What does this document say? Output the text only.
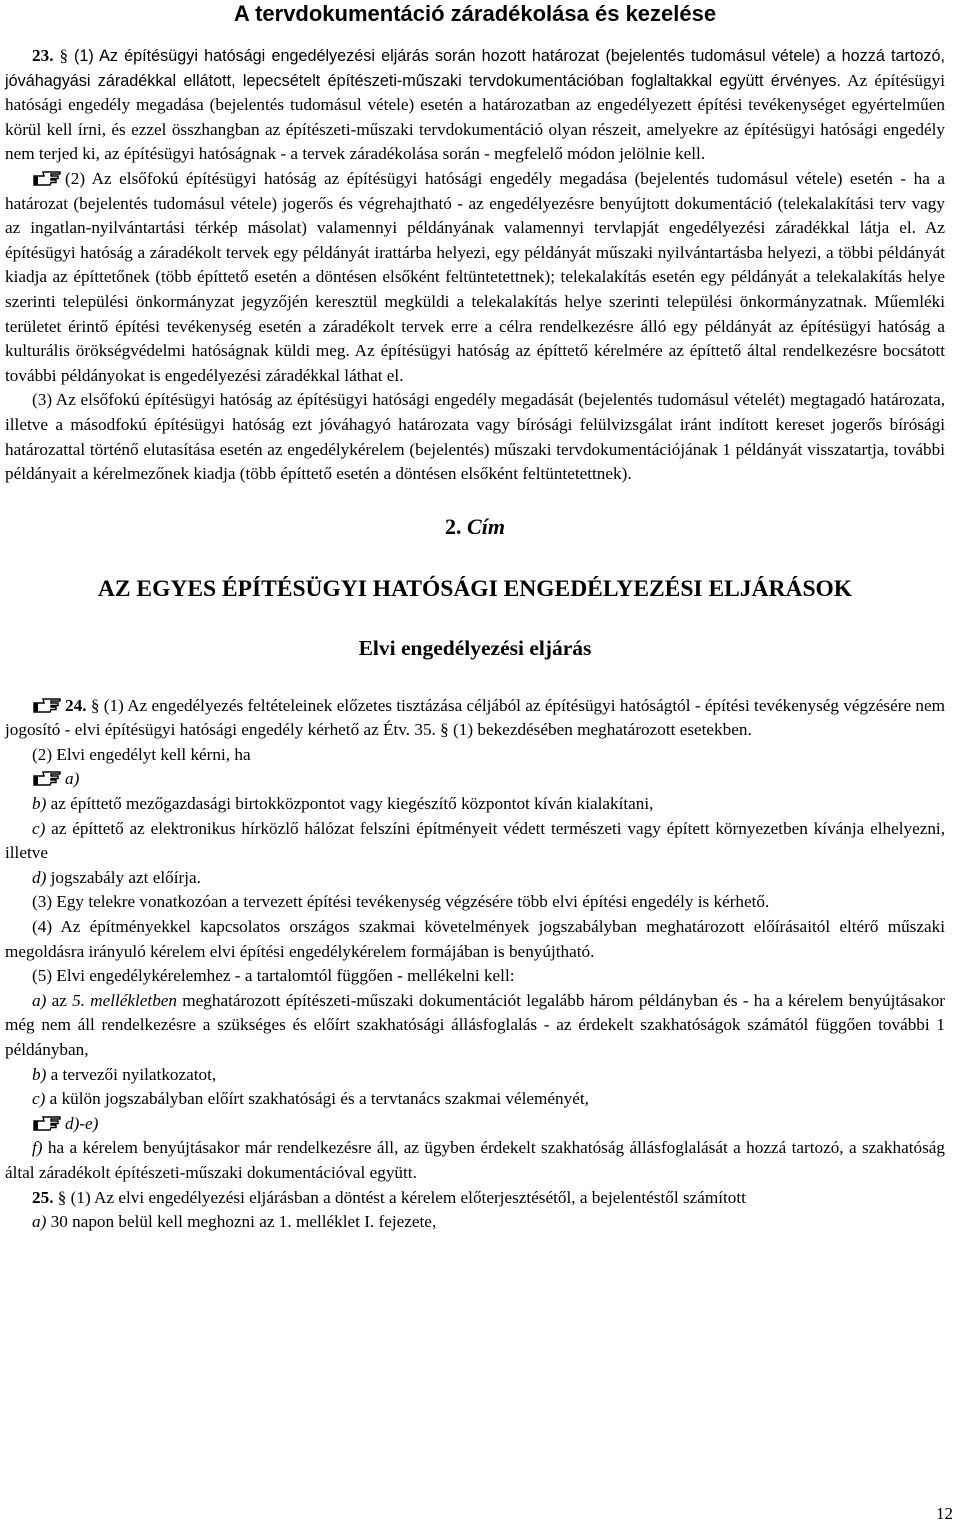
A tervdokumentáció záradékolása és kezelése

23. § (1) Az építésügyi hatósági engedélyezési eljárás során hozott határozat (bejelentés tudomásul vétele) a hozzá tartozó, jóváhagyási záradékkal ellátott, lepecsételt építészeti-műszaki tervdokumentációban foglaltakkal együtt érvényes. Az építésügyi hatósági engedély megadása (bejelentés tudomásul vétele) esetén a határozatban az engedélyezett építési tevékenységet egyértelműen körül kell írni, és ezzel összhangban az építészeti-műszaki tervdokumentáció olyan részeit, amelyekre az építésügyi hatósági engedély nem terjed ki, az építésügyi hatóságnak - a tervek záradékolása során - megfelelő módon jelölnie kell.

(2) Az elsőfokú építésügyi hatóság az építésügyi hatósági engedély megadása (bejelentés tudomásul vétele) esetén - ha a határozat (bejelentés tudomásul vétele) jogerős és végrehajtható - az engedélyezésre benyújtott dokumentáció (telekalakítási terv vagy az ingatlan-nyilvántartási térkép másolat) valamennyi példányának valamennyi tervlapját engedélyezési záradékkal látja el. Az építésügyi hatóság a záradékolt tervek egy példányát irattárba helyezi, egy példányát műszaki nyilvántartásba helyezi, a többi példányát kiadja az építtetőnek (több építtető esetén a döntésen elsőként feltüntetettnek); telekalakítás esetén egy példányát a telekalakítás helye szerinti települési önkormányzat jegyzőjén keresztül megküldi a telekalakítás helye szerinti települési önkormányzatnak. Műemléki területet érintő építési tevékenység esetén a záradékolt tervek erre a célra rendelkezésre álló egy példányát az építésügyi hatóság a kulturális örökségvédelmi hatóságnak küldi meg. Az építésügyi hatóság az építtető kérelmére az építtető által rendelkezésre bocsátott további példányokat is engedélyezési záradékkal láthat el.

(3) Az elsőfokú építésügyi hatóság az építésügyi hatósági engedély megadását (bejelentés tudomásul vételét) megtagadó határozata, illetve a másodfokú építésügyi hatóság ezt jóváhagyó határozata vagy bírósági felülvizsgálat iránt indított kereset jogerős bírósági határozattal történő elutasítása esetén az engedélykérelem (bejelentés) műszaki tervdokumentációjának 1 példányát visszatartja, további példányait a kérelmezőnek kiadja (több építtető esetén a döntésen elsőként feltüntetettnek).

2. Cím

AZ EGYES ÉPÍTÉSÜGYI HATÓSÁGI ENGEDÉLYEZÉSI ELJÁRÁSOK

Elvi engedélyezési eljárás

24. § (1) Az engedélyezés feltételeinek előzetes tisztázása céljából az építésügyi hatóságtól - építési tevékenység végzésére nem jogosító - elvi építésügyi hatósági engedély kérhető az Étv. 35. § (1) bekezdésében meghatározott esetekben.

(2) Elvi engedélyt kell kérni, ha

a)

b) az építtető mezőgazdasági birtokközpontot vagy kiegészítő központot kíván kialakítani,

c) az építtető az elektronikus hírközlő hálózat felszíni építményeit védett természeti vagy épített környezetben kívánja elhelyezni, illetve

d) jogszabály azt előírja.

(3) Egy telekre vonatkozóan a tervezett építési tevékenység végzésére több elvi építési engedély is kérhető.

(4) Az építményekkel kapcsolatos országos szakmai követelmények jogszabályban meghatározott előírásaitól eltérő műszaki megoldásra irányuló kérelem elvi építési engedélykérelem formájában is benyújtható.

(5) Elvi engedélykérelemhez - a tartalomtól függően - mellékelni kell:

a) az 5. mellékletben meghatározott építészeti-műszaki dokumentációt legalább három példányban és - ha a kérelem benyújtásakor még nem áll rendelkezésre a szükséges és előírt szakhatósági állásfoglalás - az érdekelt szakhatóságok számától függően további 1 példányban,

b) a tervezői nyilatkozatot,

c) a külön jogszabályban előírt szakhatósági és a tervtanács szakmai véleményét,

d)-e)

f) ha a kérelem benyújtásakor már rendelkezésre áll, az ügyben érdekelt szakhatóság állásfoglalását a hozzá tartozó, a szakhatóság által záradékolt építészeti-műszaki dokumentációval együtt.

25. § (1) Az elvi engedélyezési eljárásban a döntést a kérelem előterjesztésétől, a bejelentéstől számított

a) 30 napon belül kell meghozni az 1. melléklet I. fejezete,

12
